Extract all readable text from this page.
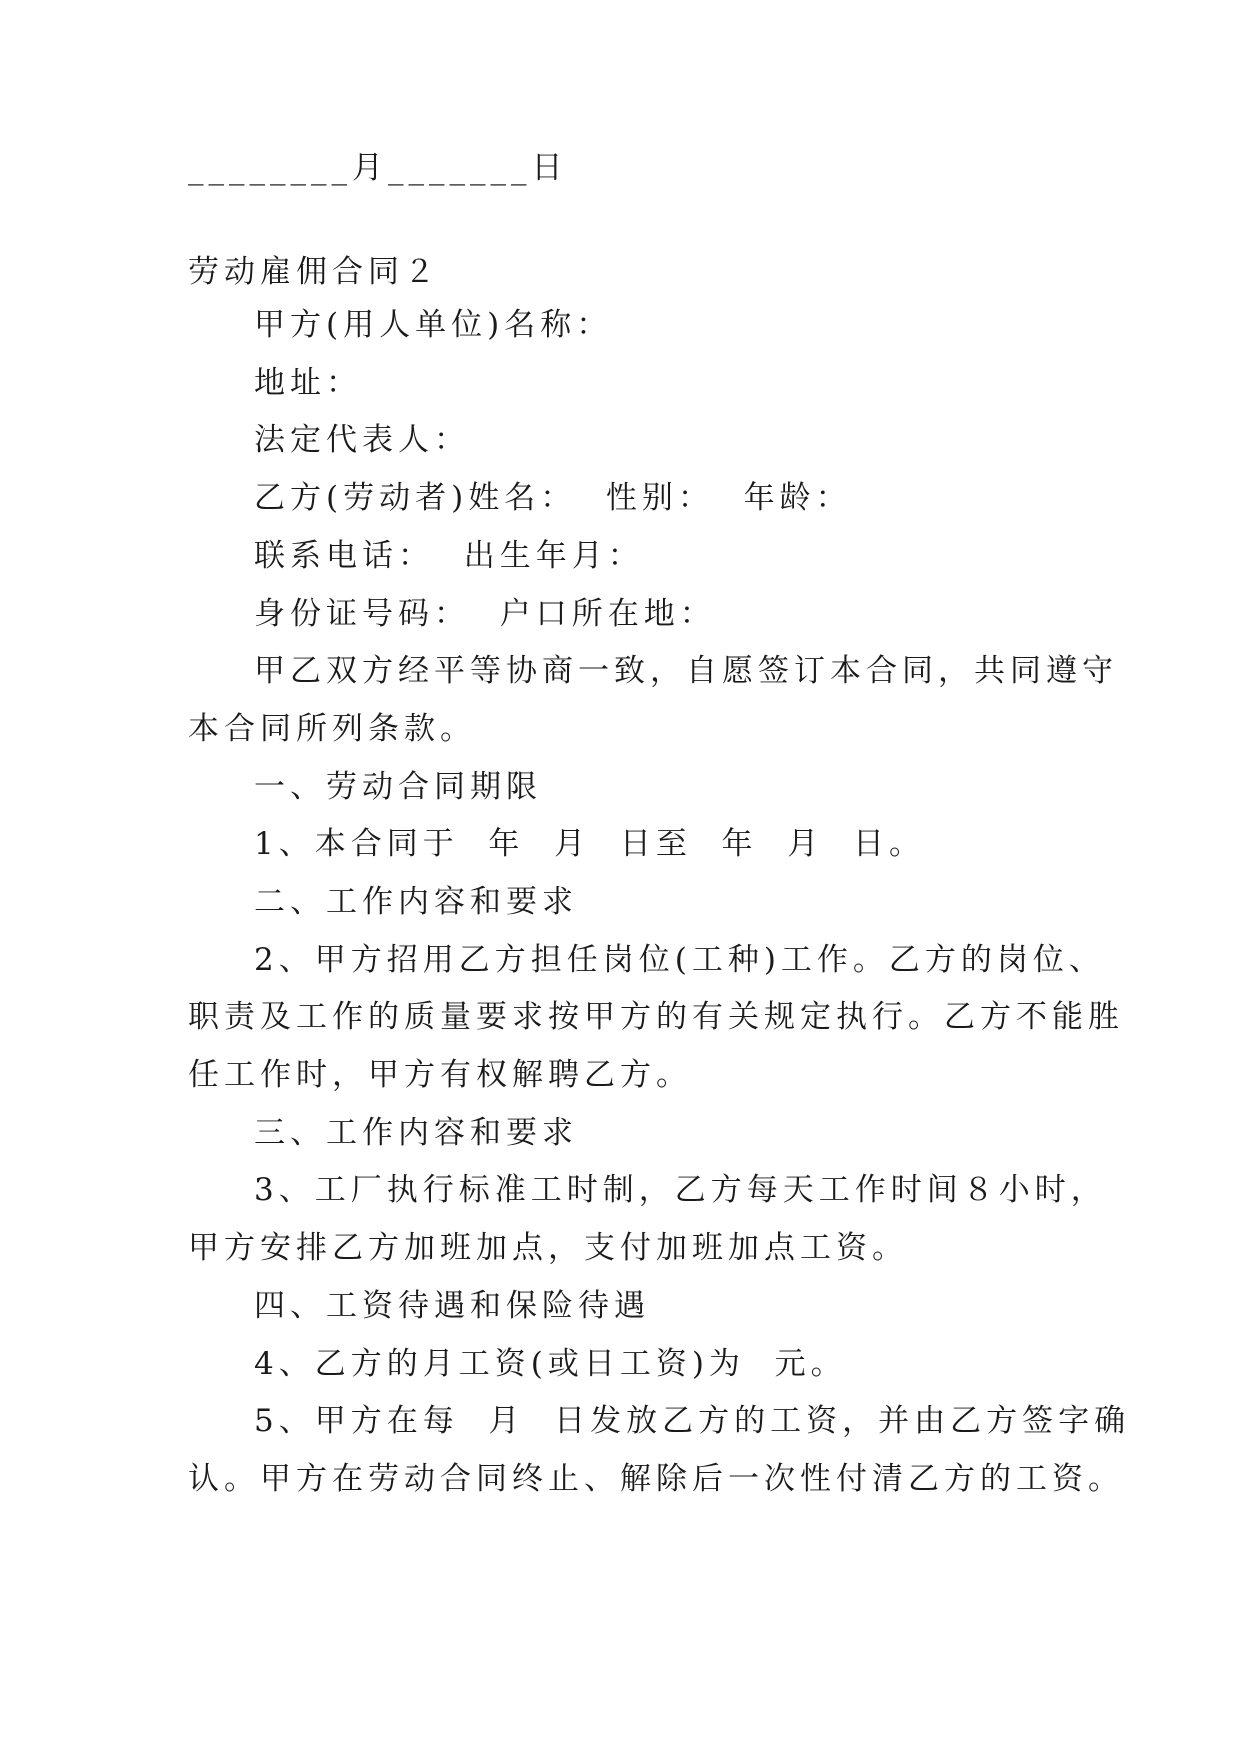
________月_______日
劳动雇佣合同２
甲方(用人单位)名称：
地址：
法定代表人：
乙方(劳动者)姓名：  性别：  年龄：
联系电话：  出生年月：
身份证号码：  户口所在地：
甲乙双方经平等协商一致，自愿签订本合同，共同遵守
本合同所列条款。
一、劳动合同期限
1、本合同于  年  月  日至  年  月  日。
二、工作内容和要求
2、甲方招用乙方担任岗位(工种)工作。乙方的岗位、
职责及工作的质量要求按甲方的有关规定执行。乙方不能胜
任工作时，甲方有权解聘乙方。
三、工作内容和要求
3、工厂执行标准工时制，乙方每天工作时间８小时，
甲方安排乙方加班加点，支付加班加点工资。
四、工资待遇和保险待遇
4、乙方的月工资(或日工资)为  元。
5、甲方在每  月  日发放乙方的工资，并由乙方签字确
认。甲方在劳动合同终止、解除后一次性付清乙方的工资。
